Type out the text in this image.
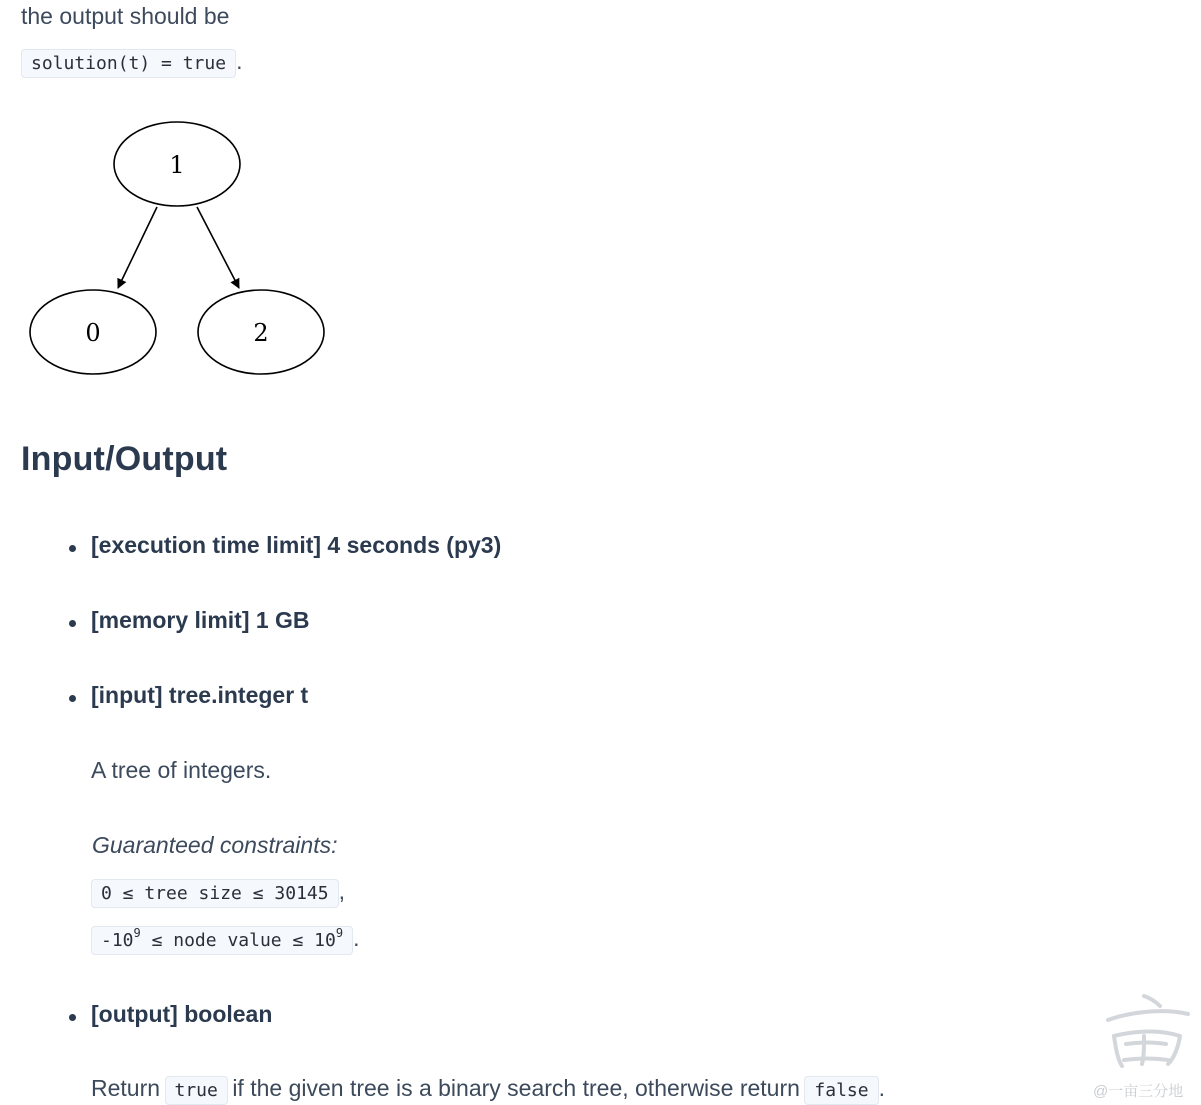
the output should be
solution(t) = true .
1
0	2
Input/Output
[execution time limit] 4 seconds (py3)
[memory limit] 1 GB
[input] tree.integer t
A tree of integers.
Guaranteed constraints:
0 ≤ tree size ≤ 30145 ,
$-10^9$ ≤ node value ≤ $10^9$ .
[output] boolean
Return true if the given tree is a binary search tree, otherwise return false .	@一亩三分地
